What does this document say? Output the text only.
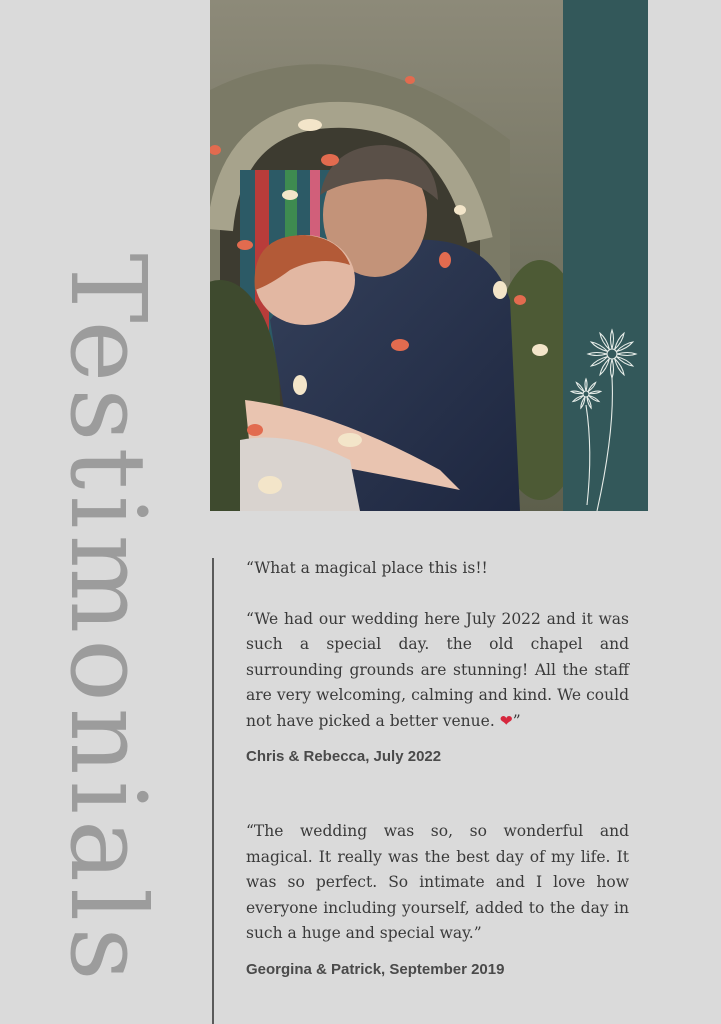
Testimonials	“What a magical place this is!!

“We had our wedding here July 2022 and it was such a special day. the old chapel and surrounding grounds are stunning! All the staff are very welcoming, calming and kind. We could not have picked a better venue. ❤”

Chris & Rebecca, July 2022

“The wedding was so, so wonderful and magical. It really was the best day of my life. It was so perfect. So intimate and I love how everyone including yourself, added to the day in such a huge and special way.”

Georgina & Patrick, September 2019
